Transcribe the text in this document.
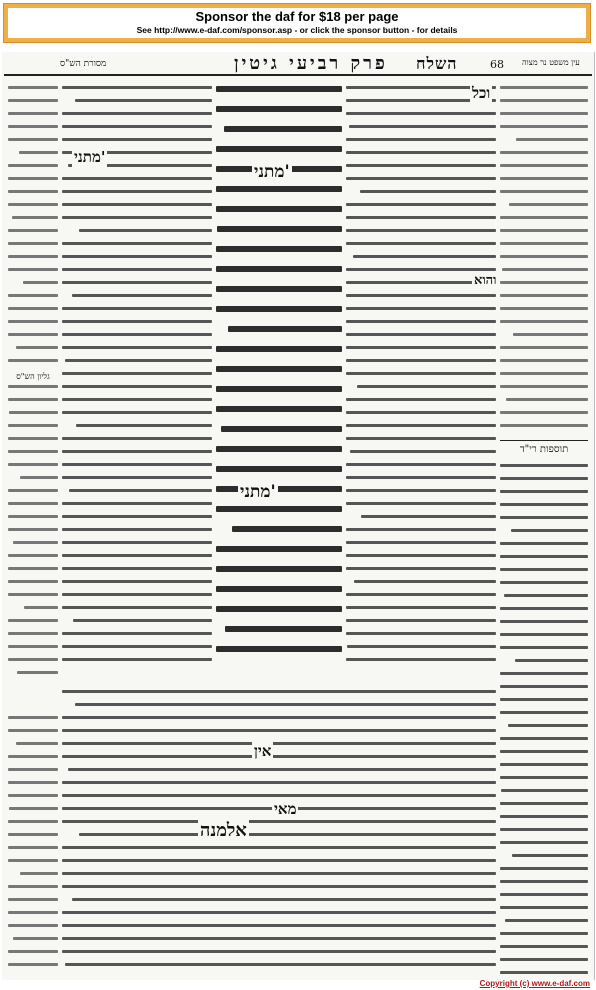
Sponsor the daf for $18 per page
See http://www.e-daf.com/sponsor.asp - or click the sponsor button - for details
68
השלח
פרק רביעי גיטין
מסורת הש"ס	עין משפט נר מצוה
תוספות רי"ד
גליון הש"ס
מתני'
מתני'
מתני'
וכל
והוא
אין
מאי
אלמנה
Copyright (c) www.e-daf.com
